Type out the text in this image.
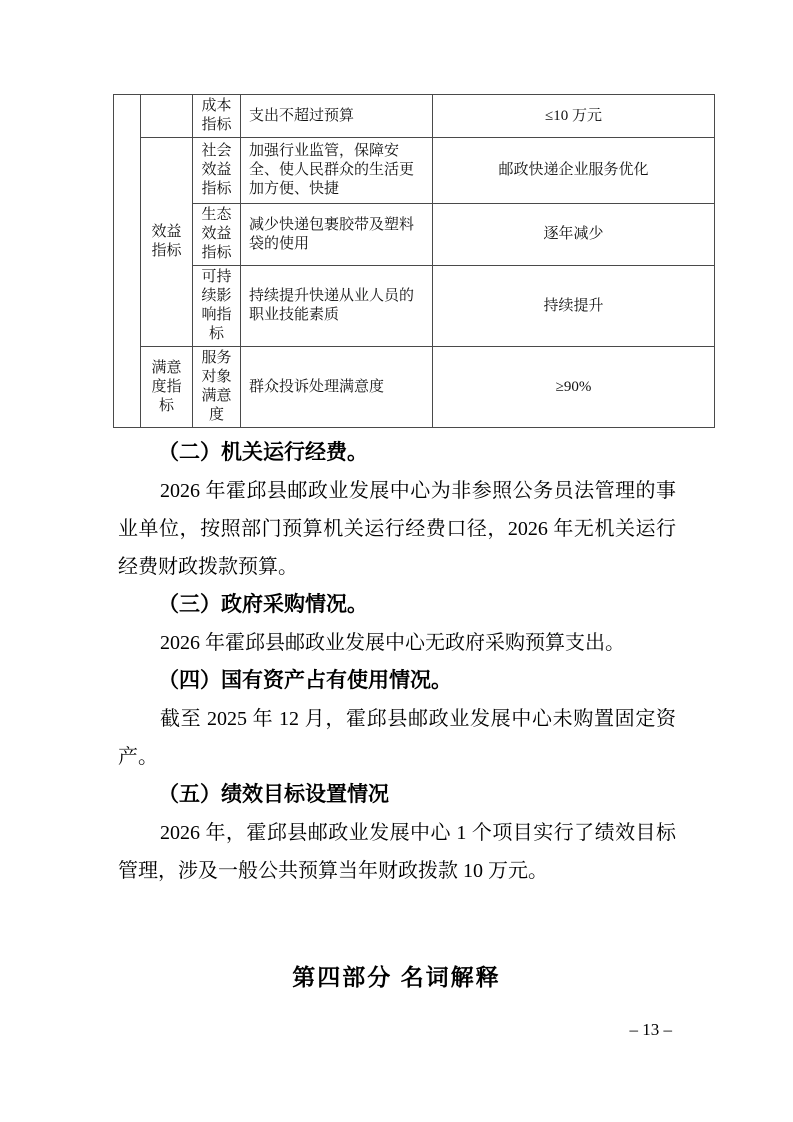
		成本指标	支出不超过预算	≤10 万元
	效益指标	社会效益指标	加强行业监管，保障安全、使人民群众的生活更加方便、快捷	邮政快递企业服务优化
		生态效益指标	减少快递包裹胶带及塑料袋的使用	逐年减少
		可持续影响指标	持续提升快递从业人员的职业技能素质	持续提升
	满意度指标	服务对象满意度	群众投诉处理满意度	≥90%
（二）机关运行经费。

2026 年霍邱县邮政业发展中心为非参照公务员法管理的事业单位，按照部门预算机关运行经费口径，2026 年无机关运行经费财政拨款预算。

（三）政府采购情况。

2026 年霍邱县邮政业发展中心无政府采购预算支出。

（四）国有资产占有使用情况。

截至 2025 年 12 月，霍邱县邮政业发展中心未购置固定资产。

（五）绩效目标设置情况

2026 年，霍邱县邮政业发展中心 1 个项目实行了绩效目标管理，涉及一般公共预算当年财政拨款 10 万元。

第四部分 名词解释
– 13 –
